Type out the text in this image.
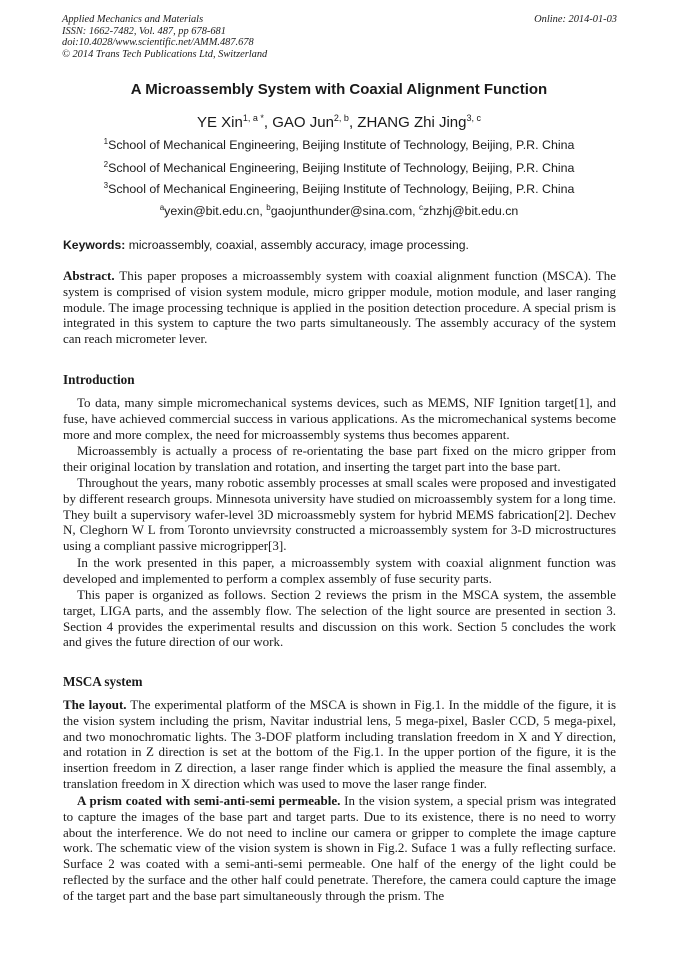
Applied Mechanics and Materials
ISSN: 1662-7482, Vol. 487, pp 678-681
doi:10.4028/www.scientific.net/AMM.487.678
© 2014 Trans Tech Publications Ltd, Switzerland
Online: 2014-01-03
A Microassembly System with Coaxial Alignment Function
YE Xin$^{1, a *}$, GAO Jun$^{2, b}$, ZHANG Zhi Jing$^{3, c}$
$^1$School of Mechanical Engineering, Beijing Institute of Technology, Beijing, P.R. China
$^2$School of Mechanical Engineering, Beijing Institute of Technology, Beijing, P.R. China
$^3$School of Mechanical Engineering, Beijing Institute of Technology, Beijing, P.R. China
$^a$yexin@bit.edu.cn, $^b$gaojunthunder@sina.com, $^c$zhzhj@bit.edu.cn
Keywords: microassembly, coaxial, assembly accuracy, image processing.
Abstract. This paper proposes a microassembly system with coaxial alignment function (MSCA). The system is comprised of vision system module, micro gripper module, motion module, and laser ranging module. The image processing technique is applied in the position detection procedure. A special prism is integrated in this system to capture the two parts simultaneously. The assembly accuracy of the system can reach micrometer lever.
Introduction
To data, many simple micromechanical systems devices, such as MEMS, NIF Ignition target[1], and fuse, have achieved commercial success in various applications. As the micromechanical systems become more and more complex, the need for microassembly systems thus becomes apparent.
Microassembly is actually a process of re-orientating the base part fixed on the micro gripper from their original location by translation and rotation, and inserting the target part into the base part.
Throughout the years, many robotic assembly processes at small scales were proposed and investigated by different research groups. Minnesota university have studied on microassembly system for a long time. They built a supervisory wafer-level 3D microassmebly system for hybrid MEMS fabrication[2]. Dechev N, Cleghorn W L from Toronto unvievrsity constructed a microassembly system for 3-D microstructures using a compliant passive microgripper[3].
In the work presented in this paper, a microassembly system with coaxial alignment function was developed and implemented to perform a complex assembly of fuse security parts.
This paper is organized as follows. Section 2 reviews the prism in the MSCA system, the assemble target, LIGA parts, and the assembly flow. The selection of the light source are presented in section 3. Section 4 provides the experimental results and discussion on this work. Section 5 concludes the work and gives the future direction of our work.
MSCA system
The layout. The experimental platform of the MSCA is shown in Fig.1. In the middle of the figure, it is the vision system including the prism, Navitar industrial lens, 5 mega-pixel, Basler CCD, 5 mega-pixel, and two monochromatic lights. The 3-DOF platform including translation freedom in X and Y direction, and rotation in Z direction is set at the bottom of the Fig.1. In the upper portion of the figure, it is the insertion freedom in Z direction, a laser range finder which is applied the measure the final assembly, a translation freedom in X direction which was used to move the laser range finder.
A prism coated with semi-anti-semi permeable. In the vision system, a special prism was integrated to capture the images of the base part and target parts. Due to its existence, there is no need to worry about the interference. We do not need to incline our camera or gripper to complete the image capture work. The schematic view of the vision system is shown in Fig.2. Suface 1 was a fully reflecting surface. Surface 2 was coated with a semi-anti-semi permeable. One half of the energy of the light could be reflected by the surface and the other half could penetrate. Therefore, the camera could capture the image of the target part and the base part simultaneously through the prism. The
